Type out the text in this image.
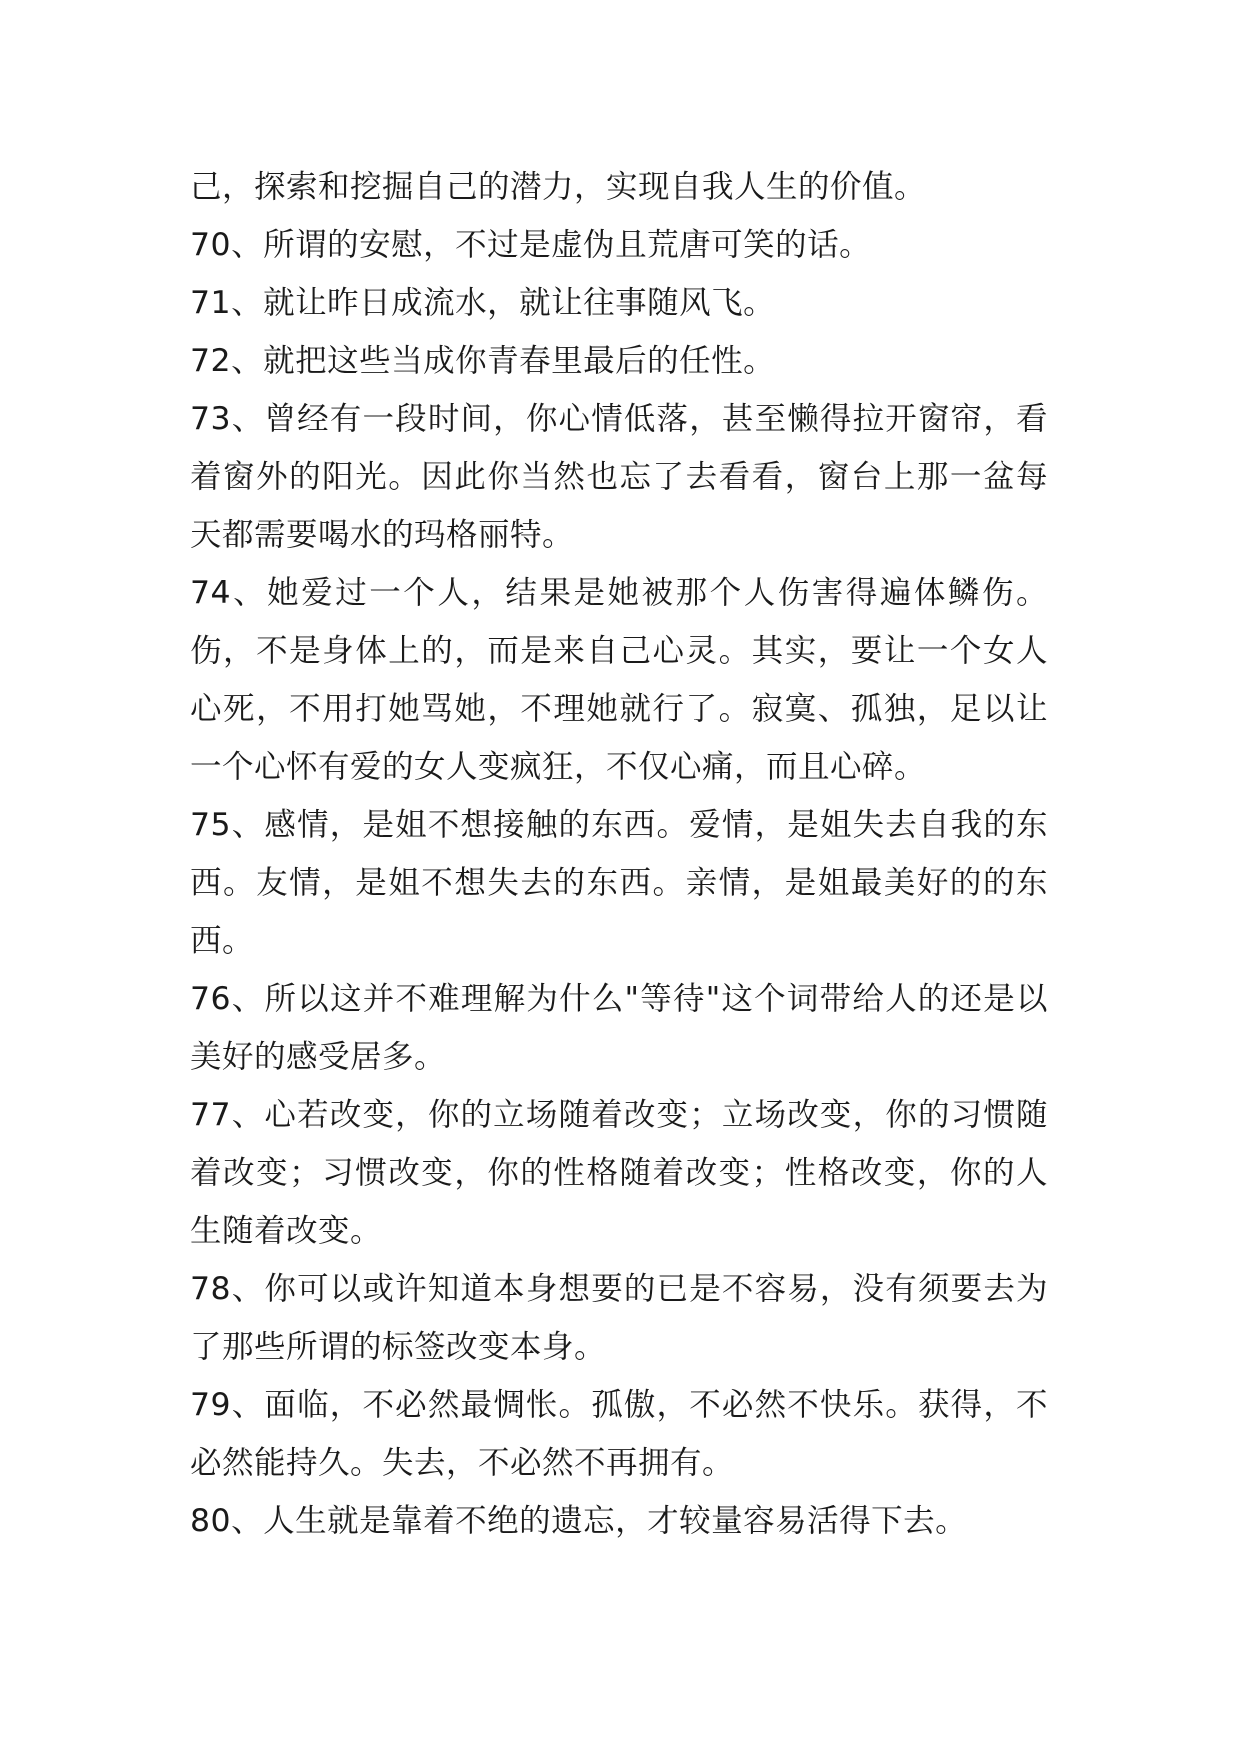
己，探索和挖掘自己的潜力，实现自我人生的价值。

70、所谓的安慰，不过是虚伪且荒唐可笑的话。

71、就让昨日成流水，就让往事随风飞。

72、就把这些当成你青春里最后的任性。

73、曾经有一段时间，你心情低落，甚至懒得拉开窗帘，看着窗外的阳光。因此你当然也忘了去看看，窗台上那一盆每天都需要喝水的玛格丽特。

74、她爱过一个人，结果是她被那个人伤害得遍体鳞伤。伤，不是身体上的，而是来自己心灵。其实，要让一个女人心死，不用打她骂她，不理她就行了。寂寞、孤独，足以让一个心怀有爱的女人变疯狂，不仅心痛，而且心碎。

75、感情，是姐不想接触的东西。爱情，是姐失去自我的东西。友情，是姐不想失去的东西。亲情，是姐最美好的的东西。

76、所以这并不难理解为什么"等待"这个词带给人的还是以美好的感受居多。

77、心若改变，你的立场随着改变；立场改变，你的习惯随着改变；习惯改变，你的性格随着改变；性格改变，你的人生随着改变。

78、你可以或许知道本身想要的已是不容易，没有须要去为了那些所谓的标签改变本身。

79、面临，不必然最惆怅。孤傲，不必然不快乐。获得，不必然能持久。失去，不必然不再拥有。

80、人生就是靠着不绝的遗忘，才较量容易活得下去。
